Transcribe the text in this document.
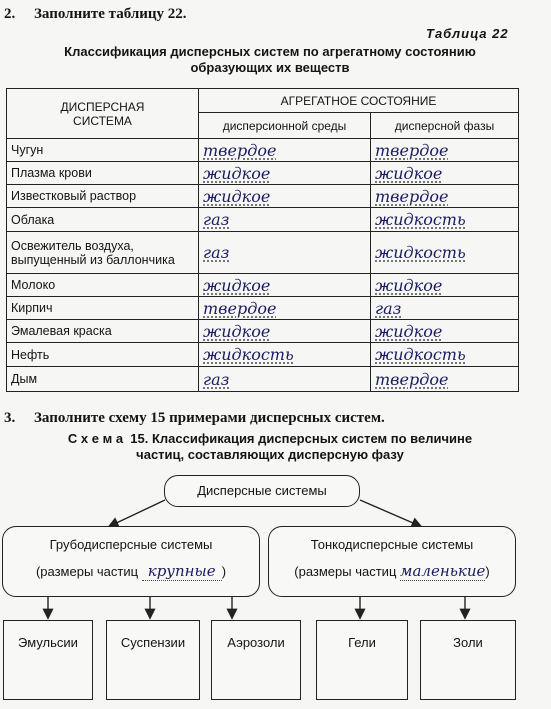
2. Заполните таблицу 22.
Таблица 22
Классификация дисперсных систем по агрегатному состоянию
образующих их веществ
ДИСПЕРСНАЯ СИСТЕМА	АГРЕГАТНОЕ СОСТОЯНИЕ	
	дисперсионной среды	дисперсной фазы
Чугун	твердое	твердое
Плазма крови	жидкое	жидкое
Известковый раствор	жидкое	твердое
Облака	газ	жидкость
Освежитель воздуха, выпущенный из баллончика	газ	жидкость
Молоко	жидкое	жидкое
Кирпич	твердое	газ
Эмалевая краска	жидкое	жидкое
Нефть	жидкость	жидкость
Дым	газ	твердое
3. Заполните схему 15 примерами дисперсных систем.
С х е м а  15. Классификация дисперсных систем по величине
частиц, составляющих дисперсную фазу
Дисперсные системы
Грубодисперсные системы
(размеры частиц крупные )
Тонкодисперсные системы
(размеры частиц маленькие)
Эмульсии	Суспензии	Аэрозоли	Гели	Золи
